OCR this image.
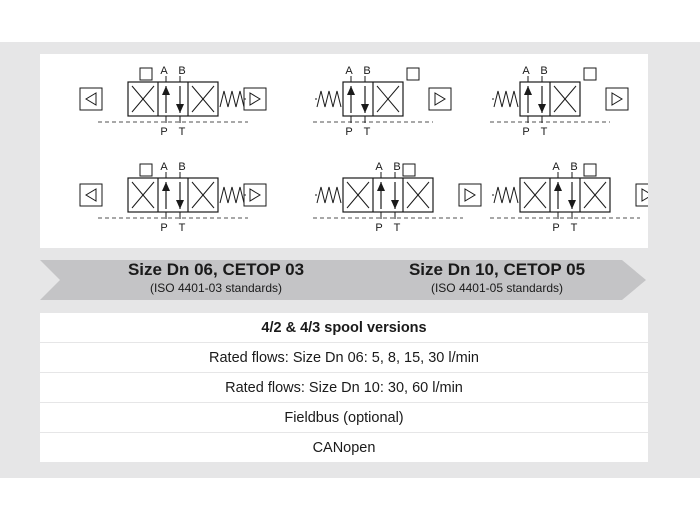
A B
P T
A B
P T
A B
P T
A B
P T
A B
P T
A B
P T
Size Dn 06, CETOP 03
(ISO 4401-03 standards)
Size Dn 10, CETOP 05
(ISO 4401-05 standards)
4/2 & 4/3 spool versions
Rated flows: Size Dn 06: 5, 8, 15, 30 l/min
Rated flows: Size Dn 10: 30, 60 l/min
Fieldbus (optional)
CANopen
